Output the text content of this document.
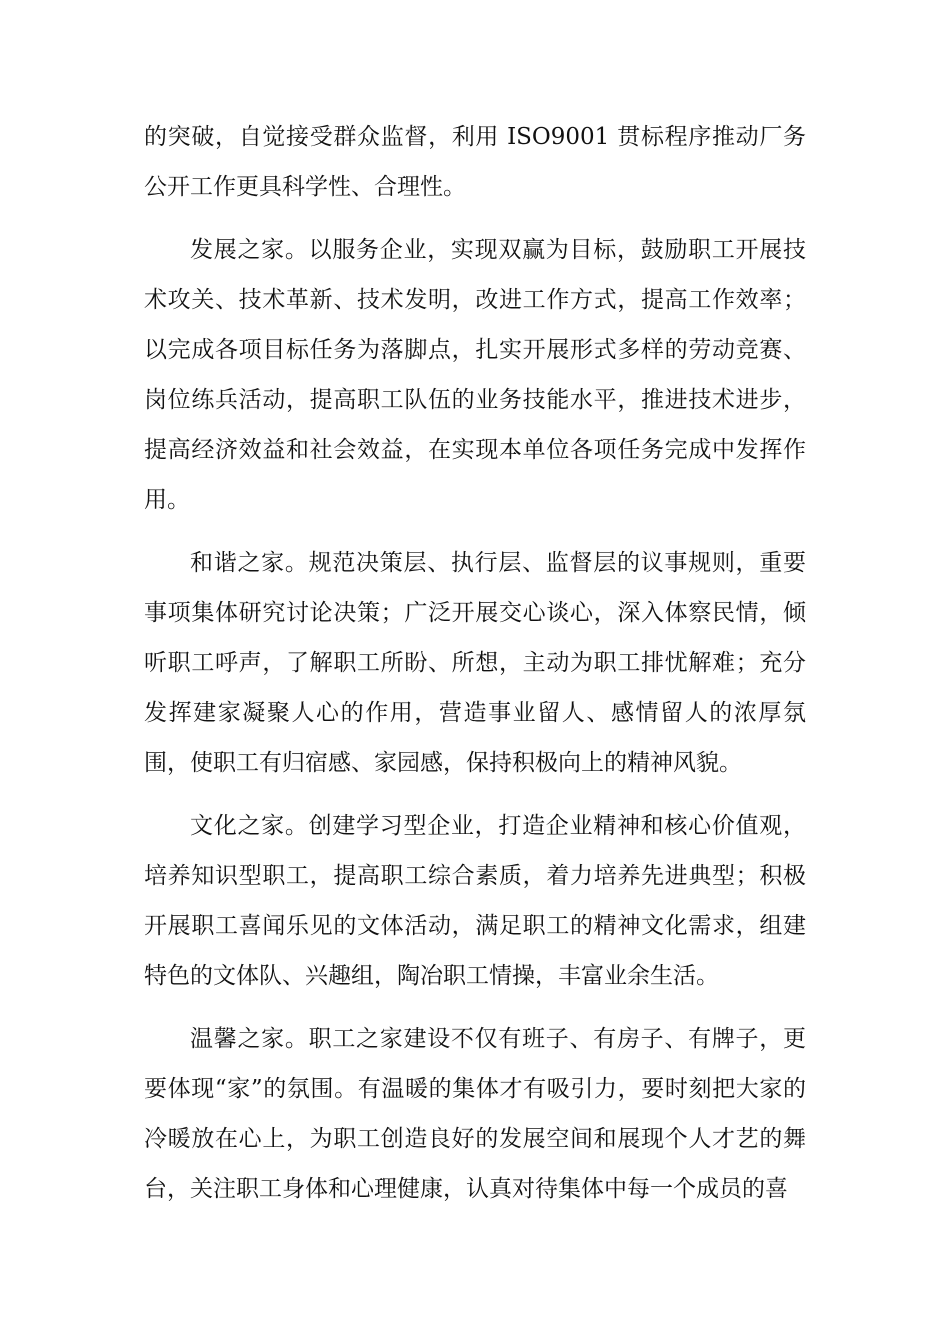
的突破，自觉接受群众监督，利用 ISO9001 贯标程序推动厂务公开工作更具科学性、合理性。

发展之家。以服务企业，实现双赢为目标，鼓励职工开展技术攻关、技术革新、技术发明，改进工作方式，提高工作效率；以完成各项目标任务为落脚点，扎实开展形式多样的劳动竞赛、岗位练兵活动，提高职工队伍的业务技能水平，推进技术进步，提高经济效益和社会效益，在实现本单位各项任务完成中发挥作用。

和谐之家。规范决策层、执行层、监督层的议事规则，重要事项集体研究讨论决策；广泛开展交心谈心，深入体察民情，倾听职工呼声，了解职工所盼、所想，主动为职工排忧解难；充分发挥建家凝聚人心的作用，营造事业留人、感情留人的浓厚氛围，使职工有归宿感、家园感，保持积极向上的精神风貌。

文化之家。创建学习型企业，打造企业精神和核心价值观，培养知识型职工，提高职工综合素质，着力培养先进典型；积极开展职工喜闻乐见的文体活动，满足职工的精神文化需求，组建特色的文体队、兴趣组，陶冶职工情操，丰富业余生活。

温馨之家。职工之家建设不仅有班子、有房子、有牌子，更要体现“家”的氛围。有温暖的集体才有吸引力，要时刻把大家的冷暖放在心上，为职工创造良好的发展空间和展现个人才艺的舞台，关注职工身体和心理健康，认真对待集体中每一个成员的喜
